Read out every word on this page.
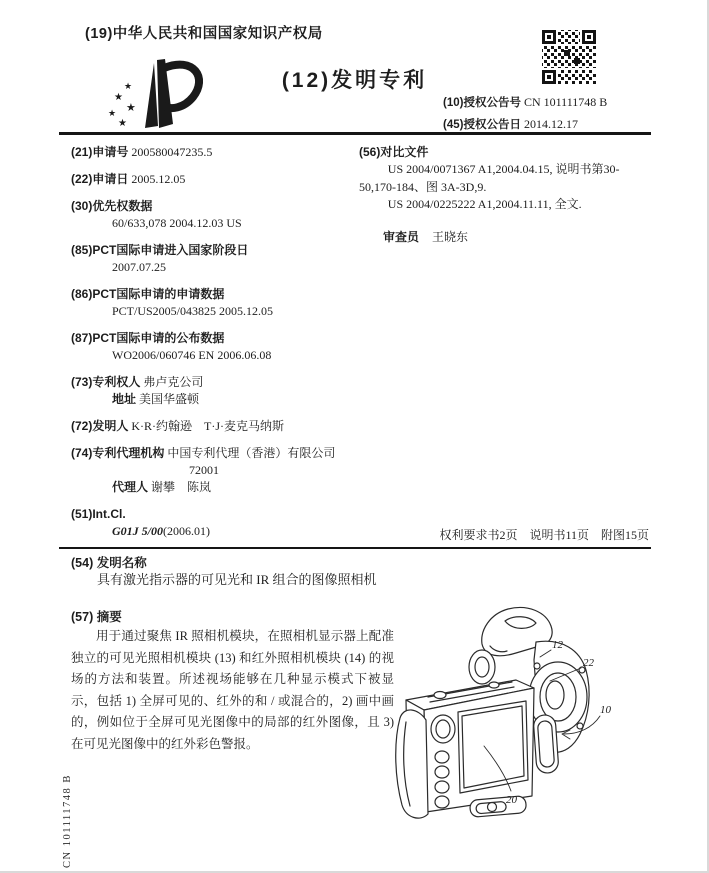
(19)中华人民共和国国家知识产权局
★
★
★
★
★
(12)发明专利
(10)授权公告号 CN 101111748 B
(45)授权公告日 2014.12.17
(21)申请号 200580047235.5
(22)申请日 2005.12.05
(30)优先权数据
60/633,078 2004.12.03 US
(85)PCT国际申请进入国家阶段日
2007.07.25
(86)PCT国际申请的申请数据
PCT/US2005/043825 2005.12.05
(87)PCT国际申请的公布数据
WO2006/060746 EN 2006.06.08
(73)专利权人 弗卢克公司
地址 美国华盛顿
(72)发明人 K·R·约翰逊　T·J·麦克马纳斯
(74)专利代理机构 中国专利代理（香港）有限公司 72001
代理人 谢攀　陈岚
(51)Int.Cl.
G01J 5/00(2006.01)
(56)对比文件

US 2004/0071367 A1,2004.04.15, 说明书第30-50,170-184、图 3A-3D,9.

US 2004/0225222 A1,2004.11.11, 全文.

审查员 王晓东
权利要求书2页　说明书11页　附图15页
(54) 发明名称
具有激光指示器的可见光和 IR 组合的图像照相机
(57) 摘要
用于通过聚焦 IR 照相机模块，在照相机显示器上配准独立的可见光照相机模块 (13) 和红外照相机模块 (14) 的视场的方法和装置。所述视场能够在几种显示模式下被显示，包括 1) 全屏可见的、红外的和 / 或混合的，2) 画中画的，例如位于全屏可见光图像中的局部的红外图像，且 3) 在可见光图像中的红外彩色警报。
12
22
10
20
CN 101111748 B
